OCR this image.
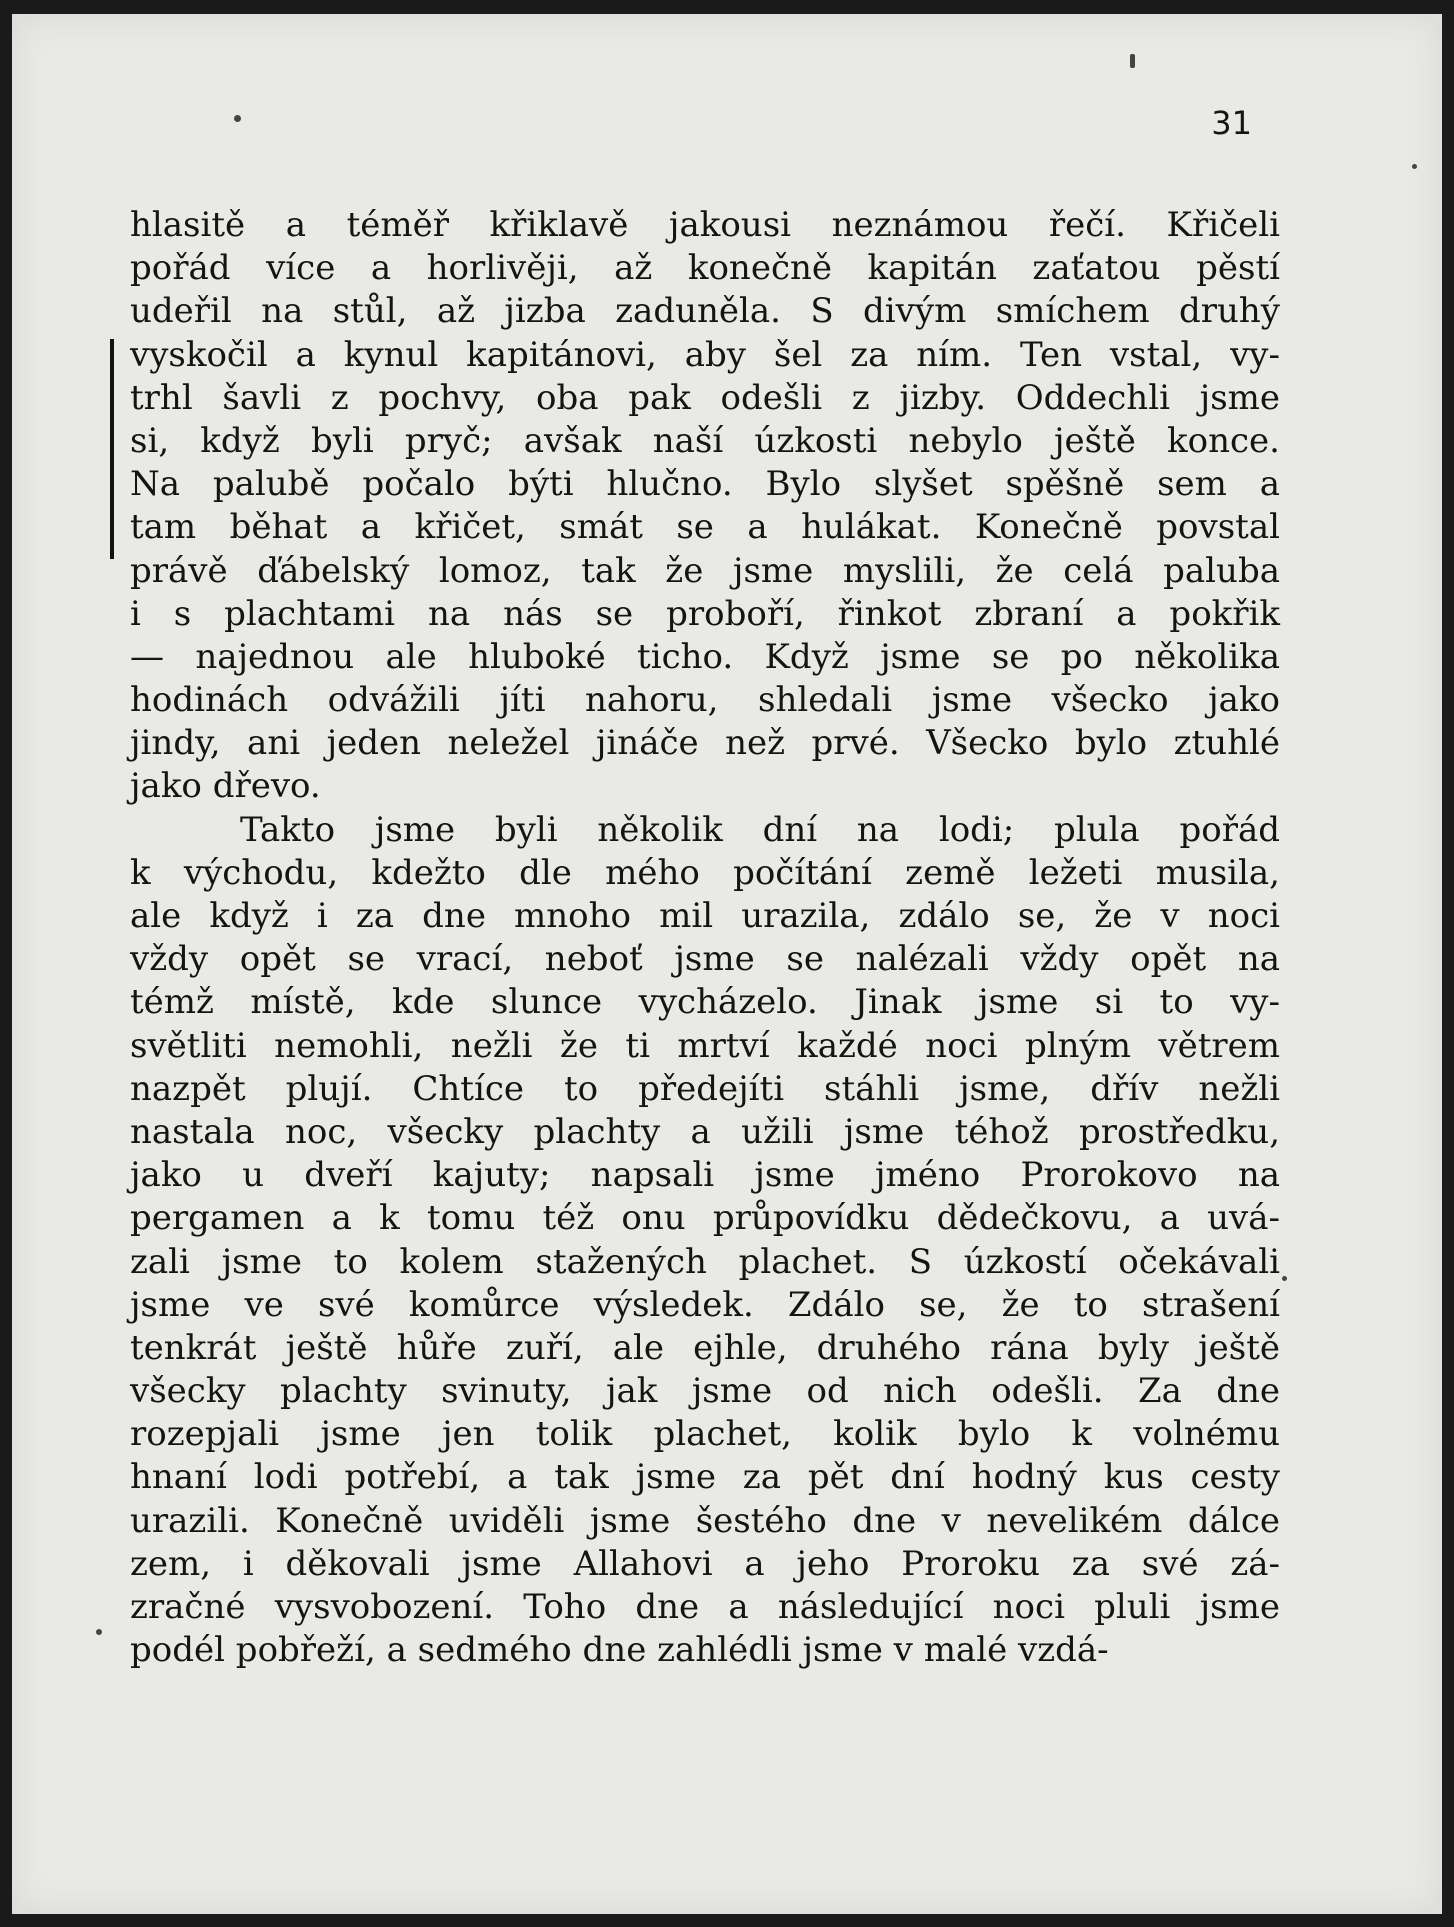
31
hlasitě a téměř křiklavě jakousi neznámou řečí. Křičeli
pořád více a horlivěji, až konečně kapitán zaťatou pěstí
udeřil na stůl, až jizba zaduněla. S divým smíchem druhý
vyskočil a kynul kapitánovi, aby šel za ním. Ten vstal, vy-
trhl šavli z pochvy, oba pak odešli z jizby. Oddechli jsme
si, když byli pryč; avšak naší úzkosti nebylo ještě konce.
Na palubě počalo býti hlučno. Bylo slyšet spěšně sem a
tam běhat a křičet, smát se a hulákat. Konečně povstal
právě ďábelský lomoz, tak že jsme myslili, že celá paluba
i s plachtami na nás se proboří, řinkot zbraní a pokřik
— najednou ale hluboké ticho. Když jsme se po několika
hodinách odvážili jíti nahoru, shledali jsme všecko jako
jindy, ani jeden neležel jináče než prvé. Všecko bylo ztuhlé
jako dřevo.
Takto jsme byli několik dní na lodi; plula pořád
k východu, kdežto dle mého počítání země ležeti musila,
ale když i za dne mnoho mil urazila, zdálo se, že v noci
vždy opět se vrací, neboť jsme se nalézali vždy opět na
témž místě, kde slunce vycházelo. Jinak jsme si to vy-
světliti nemohli, nežli že ti mrtví každé noci plným větrem
nazpět plují. Chtíce to předejíti stáhli jsme, dřív nežli
nastala noc, všecky plachty a užili jsme téhož prostředku,
jako u dveří kajuty; napsali jsme jméno Prorokovo na
pergamen a k tomu též onu průpovídku dědečkovu, a uvá-
zali jsme to kolem stažených plachet. S úzkostí očekávali
jsme ve své komůrce výsledek. Zdálo se, že to strašení
tenkrát ještě hůře zuří, ale ejhle, druhého rána byly ještě
všecky plachty svinuty, jak jsme od nich odešli. Za dne
rozepjali jsme jen tolik plachet, kolik bylo k volnému
hnaní lodi potřebí, a tak jsme za pět dní hodný kus cesty
urazili. Konečně uviděli jsme šestého dne v nevelikém dálce
zem, i děkovali jsme Allahovi a jeho Proroku za své zá-
zračné vysvobození. Toho dne a následující noci pluli jsme
podél pobřeží, a sedmého dne zahlédli jsme v malé vzdá-
